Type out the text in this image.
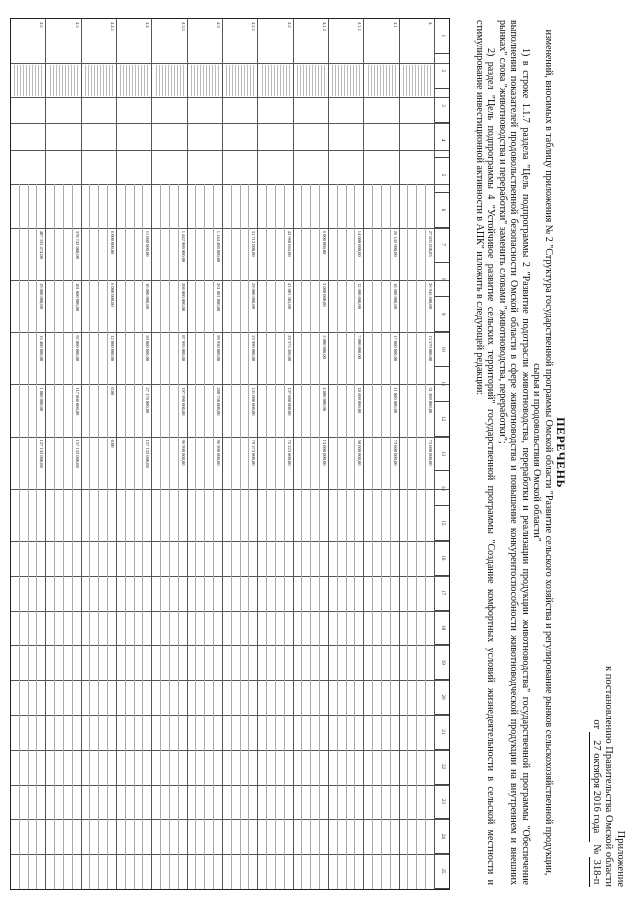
Приложение
к постановлению Правительства Омской области
от 27 октября 2016 года № 318-п
ПЕРЕЧЕНЬ

изменений, вносимых в таблицу приложения № 2 "Структура государственной программы Омской области "Развитие сельского хозяйства и регулирование рынков сельскохозяйственной продукции, сырья и продовольствия Омской области"

1) в строке 1.1.7 раздела "Цель подпрограммы 2 "Развитие подотрасли животноводства, переработки и реализации продукции животноводства" государственной программы "Обеспечение выполнения показателей продовольственной безопасности Омской области в сфере животноводства и повышение конкурентоспособности животноводческой продукции на внутреннем и внешних рынках" слова "животноводства и переработки" заменить словами "животноводства, переработки";

2) раздел "Цель подпрограммы 4 "Устойчивое развитие сельских территорий" государственной программы "Создание комфортных условий жизнедеятельности в сельской местности и стимулирование инвестиционной активности в АПК" изложить в следующей редакции:

1
2
3
4
5
6
7
8
9
10
11
12
13
14
15
16
17
18
19
20
21
22
23
24
25
4.
27 831 830,05
26 945 600,00
13 579 000,00
31 309 000,00
75 000 000,00
4.1
26 145 900,00
18 600 000,00
17 000 000,00
11 000 000,00
73 000 000,00
4.1.1
14 000 000,00
12 600 000,00
7 000 000,00
18 600 000,00
50 000 000,00
4.1.2
6 000 000,00
3 000 000,00
2 000 000,00
4 000 000,00
13 000 000,00
4.2
42 960 045,00
41 001 305,00
29 375 360,00
137 880 000,00
76 223 800,00
4.2.1
31 712 000,00
29 000 000,00
23 990 000,00
131 000 000,00
79 573 000,00
4.3
1 144 400 000,00
261 001 000,00
99 950 000,00
200 750 000,00
96 990 000,00
4.3.1
1 442 900 000,00
208 000 000,00
87 995 000,00
197 990 000,00
96 990 000,00
4.4
11 000 000,00
10 000 000,00
20 000 000,00
27 170 000,00
137 133 000,00
4.4.1
6 000 000,00
6 000 000,00
12 000 000,00
0,00
0,00
4.5
370 742 000,00
101 000 000,00
92 800 000,00
117 800 000,00
137 133 000,00
4.6
407 333 474,00
19 000 000,00
15 400 000,00
1 000 000,00
127 133 000,00
